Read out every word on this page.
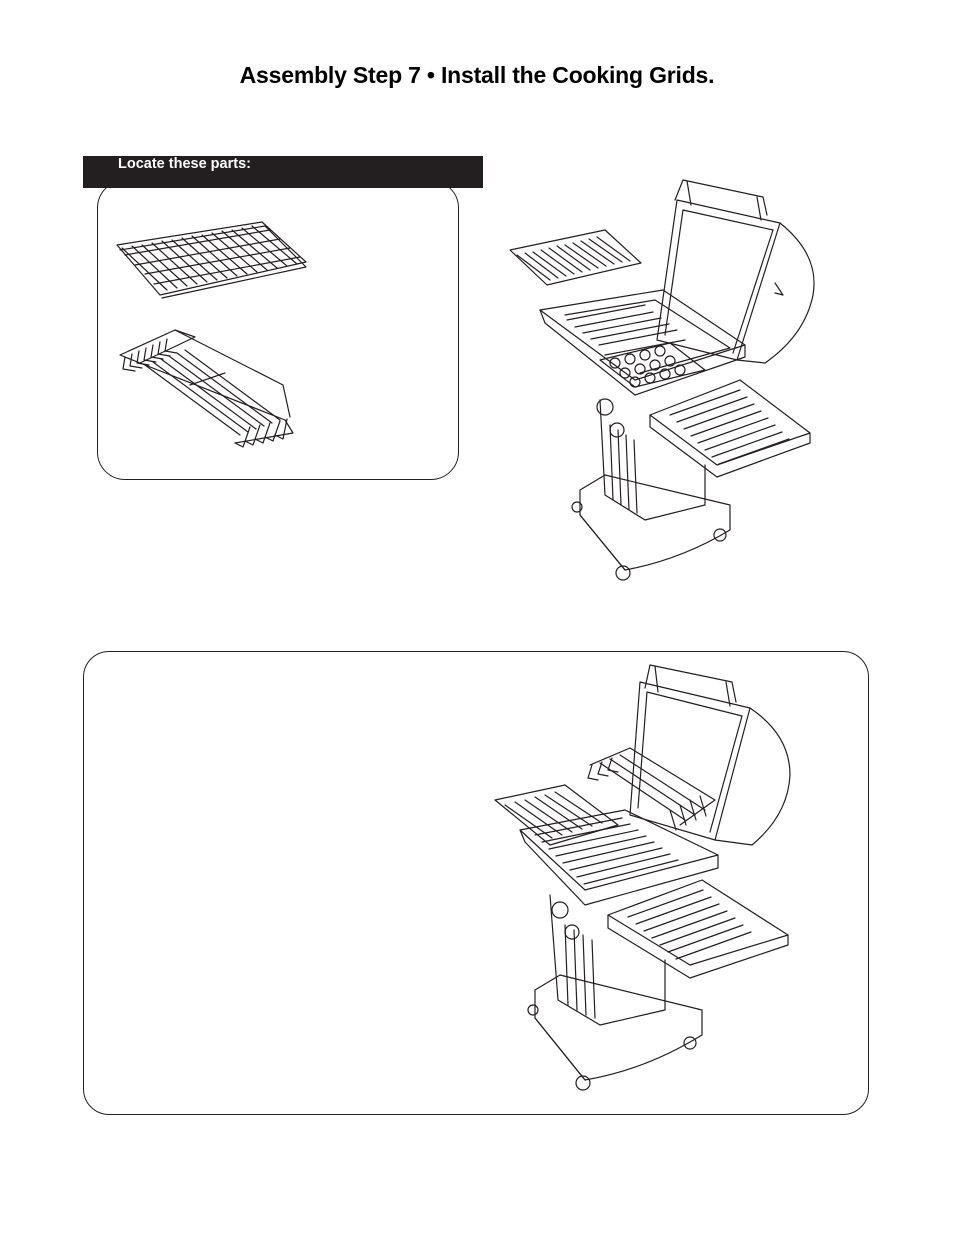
Assembly Step 7 • Install the Cooking Grids.
Locate these parts:
